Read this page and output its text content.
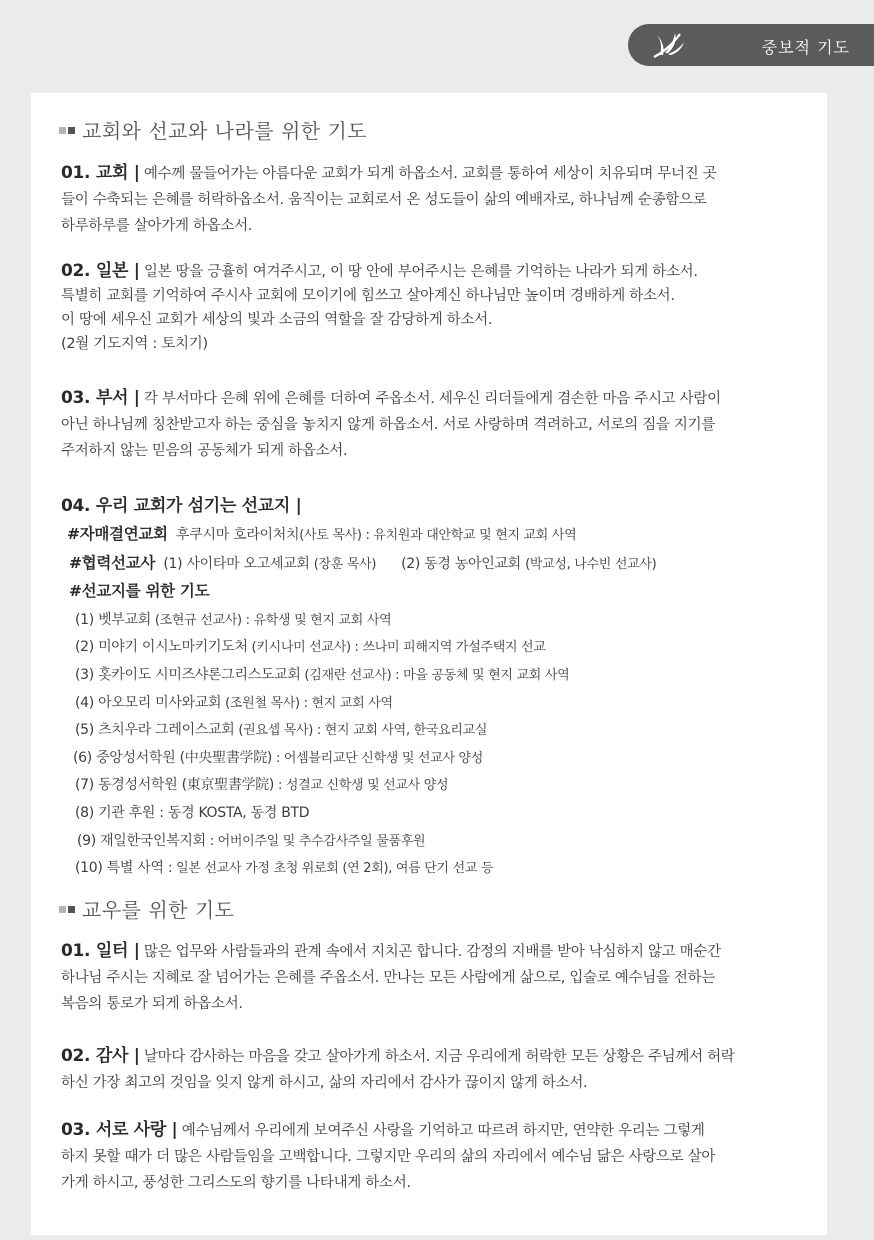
중보적 기도
교회와 선교와 나라를 위한 기도
01. 교회 | 예수께 물들어가는 아름다운 교회가 되게 하옵소서. 교회를 통하여 세상이 치유되며 무너진 곳
들이 수축되는 은혜를 허락하옵소서. 움직이는 교회로서 온 성도들이 삶의 예배자로, 하나님께 순종함으로
하루하루를 살아가게 하옵소서.
02. 일본 | 일본 땅을 긍휼히 여겨주시고, 이 땅 안에 부어주시는 은혜를 기억하는 나라가 되게 하소서.
특별히 교회를 기억하여 주시사 교회에 모이기에 힘쓰고 살아계신 하나님만 높이며 경배하게 하소서.
이 땅에 세우신 교회가 세상의 빛과 소금의 역할을 잘 감당하게 하소서.
(2월 기도지역 : 토치기)
03. 부서 | 각 부서마다 은혜 위에 은혜를 더하여 주옵소서. 세우신 리더들에게 겸손한 마음 주시고 사람이
아닌 하나님께 칭찬받고자 하는 중심을 놓치지 않게 하옵소서. 서로 사랑하며 격려하고, 서로의 짐을 지기를
주저하지 않는 믿음의 공동체가 되게 하옵소서.
04. 우리 교회가 섬기는 선교지 |
#자매결연교회 후쿠시마 호라이처치(사토 목사) : 유치원과 대안학교 및 현지 교회 사역
#협력선교사 (1) 사이타마 오고세교회 (장훈 목사) (2) 동경 농아인교회 (박교성, 나수빈 선교사)
#선교지를 위한 기도
(1) 벳부교회 (조현규 선교사) : 유학생 및 현지 교회 사역
(2) 미야기 이시노마키기도처 (키시나미 선교사) : 쓰나미 피해지역 가설주택지 선교
(3) 홋카이도 시미즈샤론그리스도교회 (김재란 선교사) : 마을 공동체 및 현지 교회 사역
(4) 아오모리 미사와교회 (조원철 목사) : 현지 교회 사역
(5) 츠치우라 그레이스교회 (권요셉 목사) : 현지 교회 사역, 한국요리교실
(6) 중앙성서학원 (中央聖書学院) : 어셈블리교단 신학생 및 선교사 양성
(7) 동경성서학원 (東京聖書学院) : 성결교 신학생 및 선교사 양성
(8) 기관 후원 : 동경 KOSTA, 동경 BTD
(9) 재일한국인복지회 : 어버이주일 및 추수감사주일 물품후원
(10) 특별 사역 : 일본 선교사 가정 초청 위로회 (연 2회), 여름 단기 선교 등
교우를 위한 기도
01. 일터 | 많은 업무와 사람들과의 관계 속에서 지치곤 합니다. 감정의 지배를 받아 낙심하지 않고 매순간
하나님 주시는 지혜로 잘 넘어가는 은혜를 주옵소서. 만나는 모든 사람에게 삶으로, 입술로 예수님을 전하는
복음의 통로가 되게 하옵소서.
02. 감사 | 날마다 감사하는 마음을 갖고 살아가게 하소서. 지금 우리에게 허락한 모든 상황은 주님께서 허락
하신 가장 최고의 것임을 잊지 않게 하시고, 삶의 자리에서 감사가 끊이지 않게 하소서.
03. 서로 사랑 | 예수님께서 우리에게 보여주신 사랑을 기억하고 따르려 하지만, 연약한 우리는 그렇게
하지 못할 때가 더 많은 사람들임을 고백합니다. 그렇지만 우리의 삶의 자리에서 예수님 닮은 사랑으로 살아
가게 하시고, 풍성한 그리스도의 향기를 나타내게 하소서.
